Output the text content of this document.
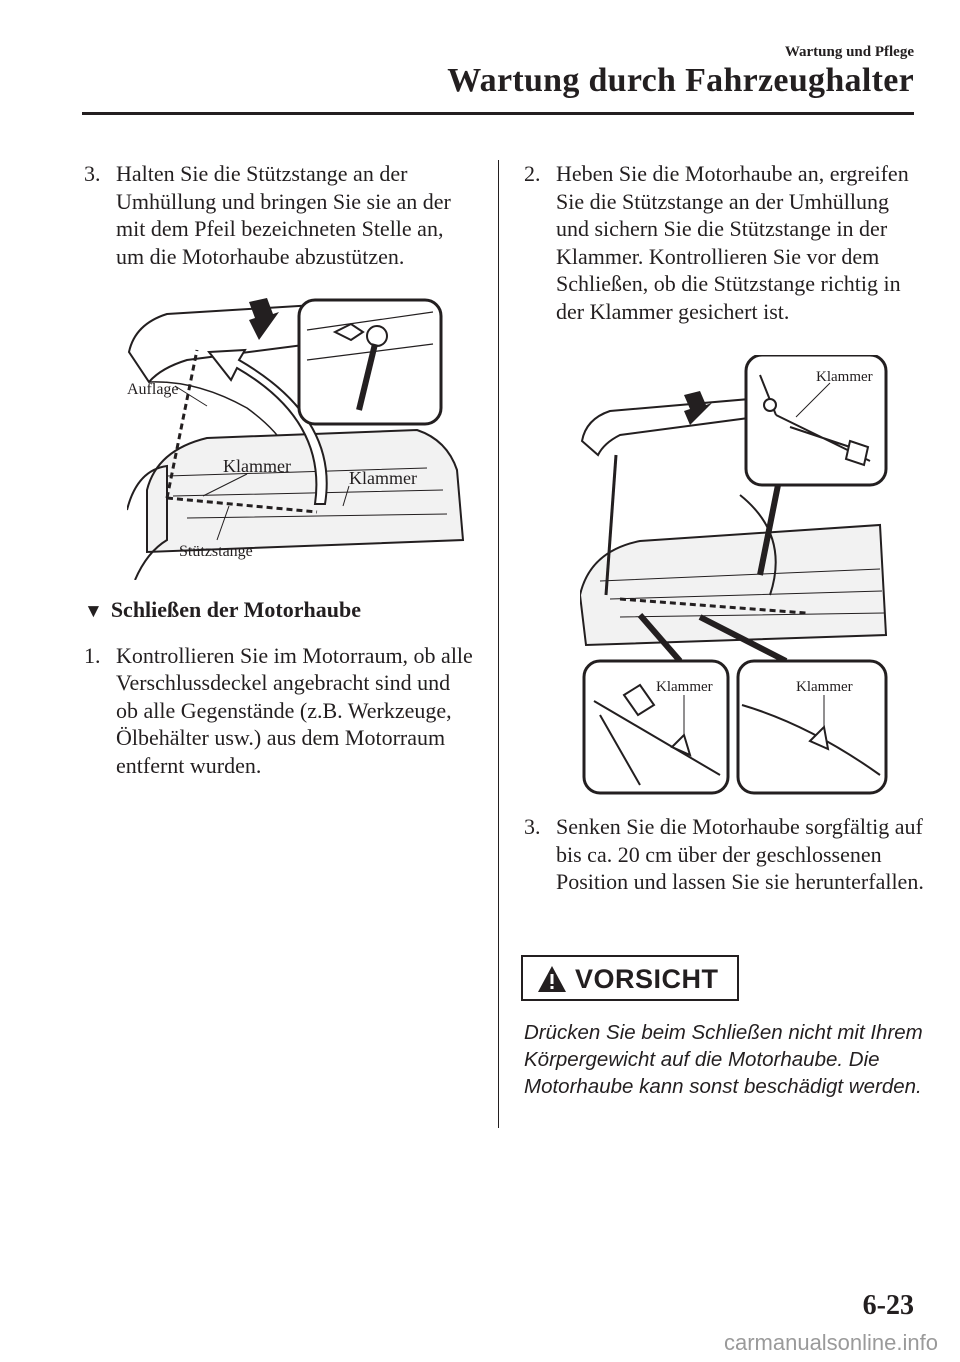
Wartung und Pflege
Wartung durch Fahrzeughalter

3. Halten Sie die Stützstange an der Umhüllung und bringen Sie sie an der mit dem Pfeil bezeichneten Stelle an, um die Motorhaube abzustützen.

Auflage
Klammer
Klammer
Stützstange

▼ Schließen der Motorhaube

1. Kontrollieren Sie im Motorraum, ob alle Verschlussdeckel angebracht sind und ob alle Gegenstände (z.B. Werkzeuge, Ölbehälter usw.) aus dem Motorraum entfernt wurden.

2. Heben Sie die Motorhaube an, ergreifen Sie die Stützstange an der Umhüllung und sichern Sie die Stützstange in der Klammer. Kontrollieren Sie vor dem Schließen, ob die Stützstange richtig in der Klammer gesichert ist.

Klammer
Klammer	Klammer

3. Senken Sie die Motorhaube sorgfältig auf bis ca. 20 cm über der geschlossenen Position und lassen Sie sie herunterfallen.

VORSICHT
Drücken Sie beim Schließen nicht mit Ihrem Körpergewicht auf die Motorhaube. Die Motorhaube kann sonst beschädigt werden.
6-23
carmanualsonline.info
